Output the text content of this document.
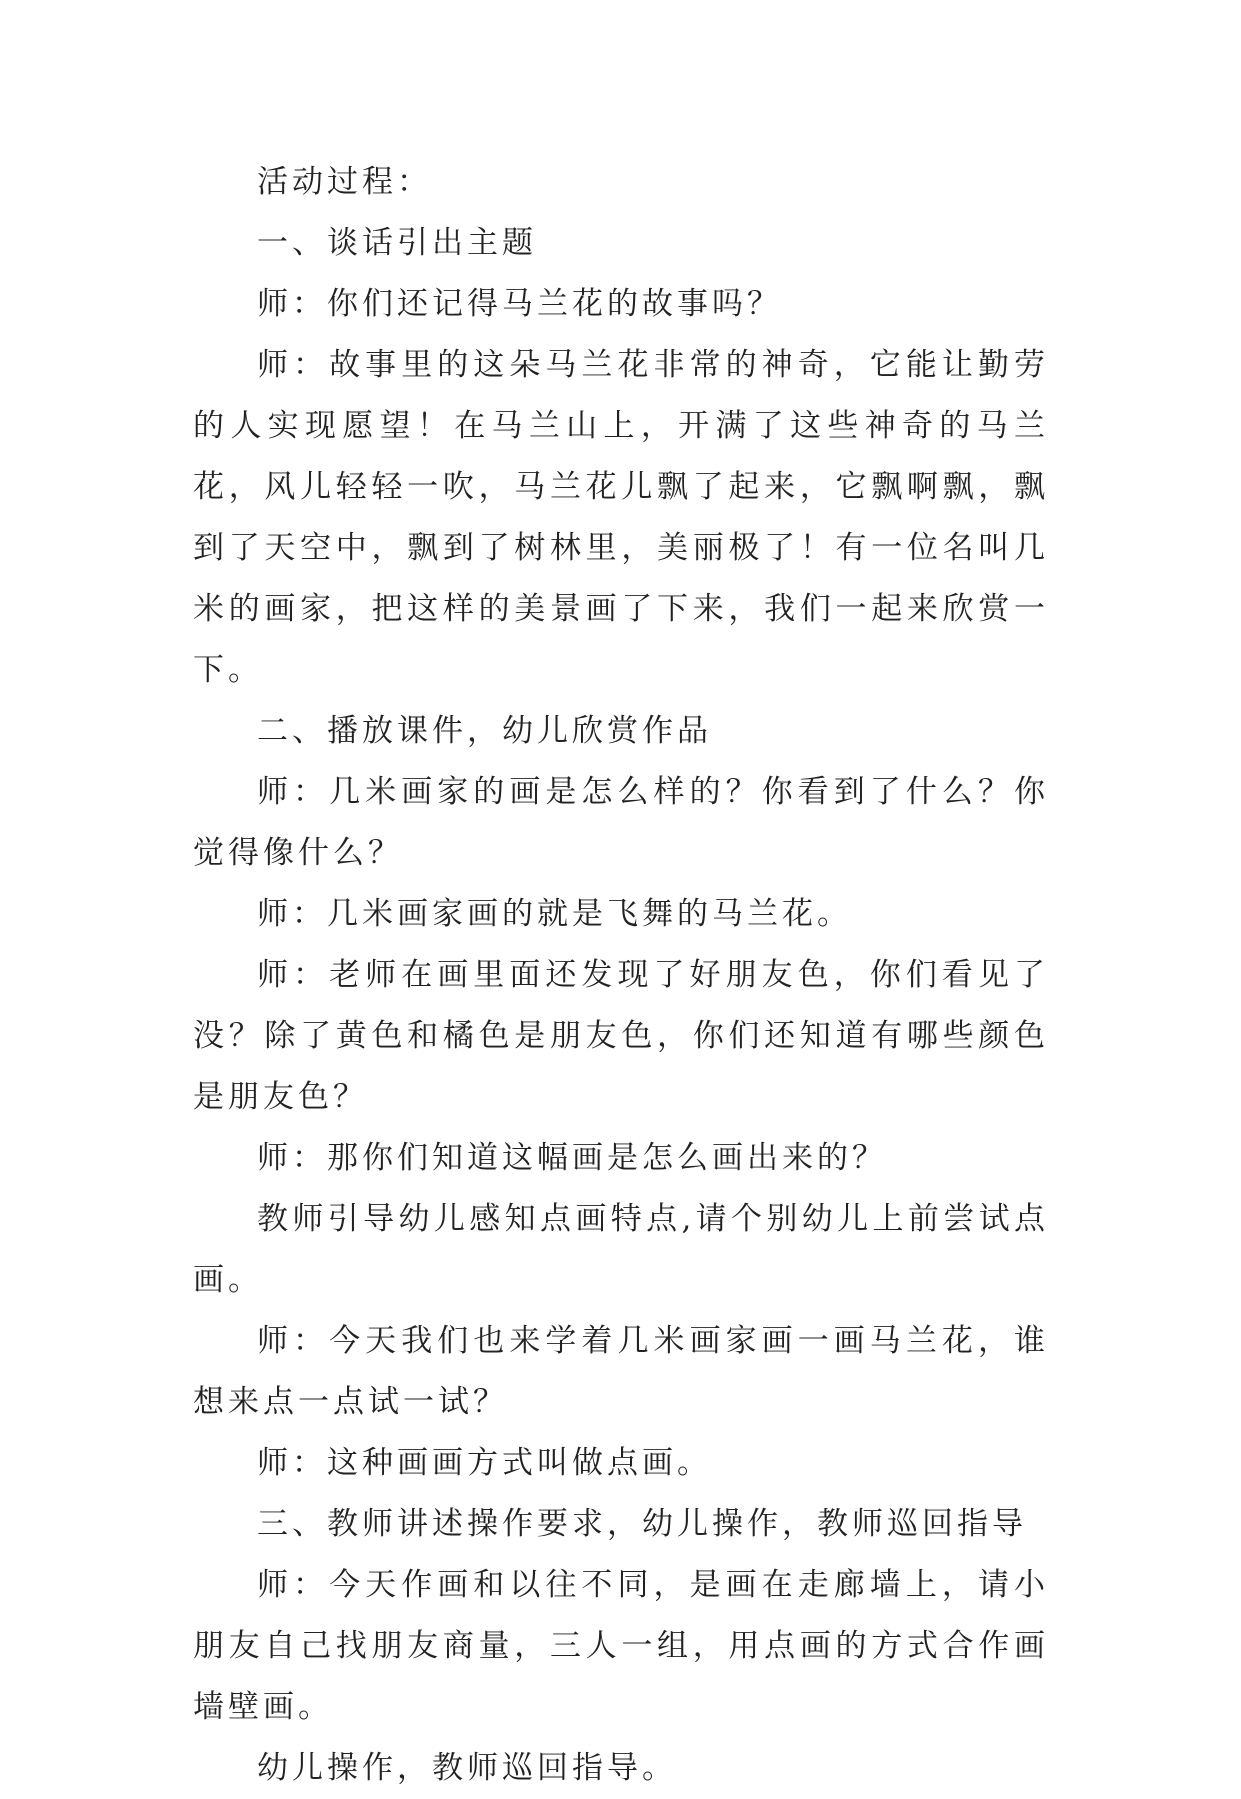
活动过程：

一、谈话引出主题

师：你们还记得马兰花的故事吗？

师：故事里的这朵马兰花非常的神奇，它能让勤劳的人实现愿望！在马兰山上，开满了这些神奇的马兰花，风儿轻轻一吹，马兰花儿飘了起来，它飘啊飘，飘到了天空中，飘到了树林里，美丽极了！有一位名叫几米的画家，把这样的美景画了下来，我们一起来欣赏一下。

二、播放课件，幼儿欣赏作品

师：几米画家的画是怎么样的？你看到了什么？你觉得像什么？

师：几米画家画的就是飞舞的马兰花。

师：老师在画里面还发现了好朋友色，你们看见了没？除了黄色和橘色是朋友色，你们还知道有哪些颜色是朋友色？

师：那你们知道这幅画是怎么画出来的？

教师引导幼儿感知点画特点,请个别幼儿上前尝试点画。

师：今天我们也来学着几米画家画一画马兰花，谁想来点一点试一试？

师：这种画画方式叫做点画。

三、教师讲述操作要求，幼儿操作，教师巡回指导

师：今天作画和以往不同，是画在走廊墙上，请小朋友自己找朋友商量，三人一组，用点画的方式合作画墙壁画。

幼儿操作，教师巡回指导。
